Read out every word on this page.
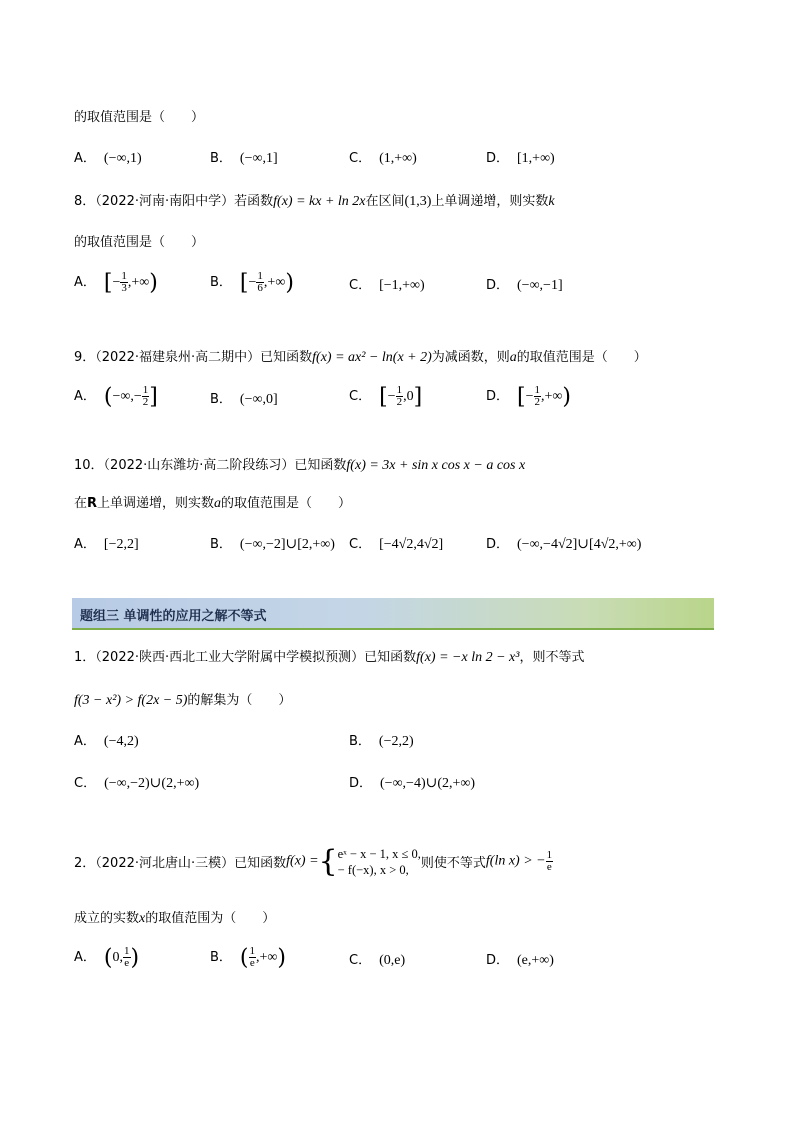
的取值范围是（　　）
A． (−∞,1)	B． (−∞,1]	C． (1,+∞)	D． [1,+∞)
8．（2022·河南·南阳中学）若函数f(x) = kx + ln 2x在区间(1,3)上单调递增，则实数k
的取值范围是（　　）
A． [− $\frac{1}{3}$ ,+∞)	B． [− $\frac{1}{6}$ ,+∞)	C． [−1,+∞)	D． (−∞,−1]
9．（2022·福建泉州·高二期中）已知函数f(x) = ax² − ln(x + 2)为减函数，则a的取值范围是（　　）
A． (−∞,− $\frac{1}{2}$ ]	B． (−∞,0]	C． [− $\frac{1}{2} ,0$]	D． [− $\frac{1}{2}$ ,+∞)
10．（2022·山东潍坊·高二阶段练习）已知函数f(x) = 3x + sin x cos x − a cos x
在R上单调递增，则实数a的取值范围是（　　）
A． [−2,2]	B． (−∞,−2]∪[2,+∞) C． [−4√2,4√2]	D． (−∞,−4√2]∪[4√2,+∞)
题组三 单调性的应用之解不等式
1．（2022·陕西·西北工业大学附属中学模拟预测）已知函数f(x) = −x ln 2 − x³，则不等式
f(3 − x²) > f(2x − 5)的解集为（　　）
A． (−4,2)	B． (−2,2)
C． (−∞,−2)∪(2,+∞)	D． (−∞,−4)∪(2,+∞)
2．（2022·河北唐山·三模）已知函数f(x) ={ eˣ − x − 1, x ≤ 0,
− f(−x), x > 0, 则使不等式f(ln x) > − $\frac{1}{e}$
成立的实数x的取值范围为（　　）
A． (0, $\frac{1}{e}$ )	B． ( $\frac{1}{e}$ ,+∞)	C． (0,e)	D． (e,+∞)
